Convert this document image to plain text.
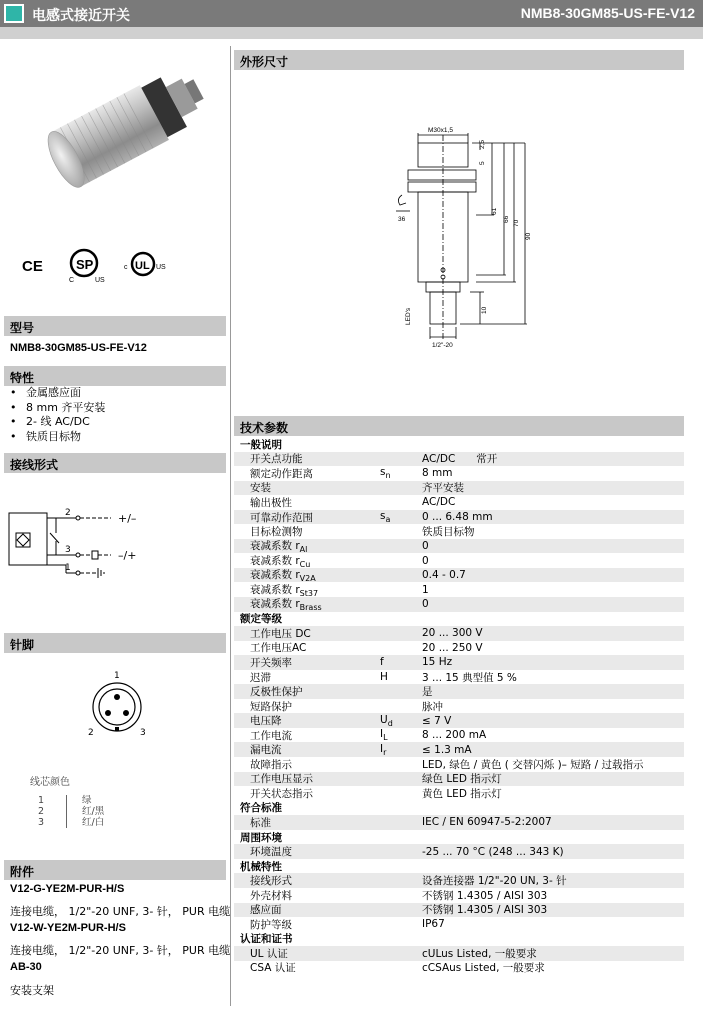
电感式接近开关	NMB8-30GM85-US-FE-V12
CE	SP
C	US
c UL US
型号
NMB8-30GM85-US-FE-V12
特性
• 金属感应面
• 8 mm 齐平安装
• 2- 线 AC/DC
• 铁质目标物
接线形式
2
3
1
+/–
–/+
针脚
1
2	3
线芯颜色
1	绿
2	红/黑
3	红/白
附件
V12-G-YE2M-PUR-H/S
连接电缆， 1/2"-20 UNF, 3- 针， PUR 电缆
V12-W-YE2M-PUR-H/S
连接电缆， 1/2"-20 UNF, 3- 针， PUR 电缆
AB-30
安装支架
外形尺寸
M30x1,5
2,5
5
61
66
70
90
36
10
LED's
1/2"-20
技术参数
一般说明
开关点功能	AC/DC　　常开
额定动作距离	$s_n$	8 mm
安装	齐平安装
输出极性	AC/DC
可靠动作范围	$s_a$	0 ... 6.48 mm
目标检测物	铁质目标物
衰减系数 $r_{Al}$	0
衰减系数 $r_{Cu}$	0
衰减系数 $r_{V2A}$	0.4 - 0.7
衰减系数 $r_{St37}$	1
衰减系数 $r_{Brass}$	0
额定等级
工作电压 DC	20 ... 300 V
工作电压AC	20 ... 250 V
开关频率	f	15 Hz
迟滞	H	3 ... 15 典型值 5 %
反极性保护	是
短路保护	脉冲
电压降	$U_d$	≤ 7 V
工作电流	$I_L$	8 ... 200 mA
漏电流	$I_r$	≤ 1.3 mA
故障指示	LED, 绿色 / 黄色 ( 交替闪烁 )– 短路 / 过载指示
工作电压显示	绿色 LED 指示灯
开关状态指示	黄色 LED 指示灯
符合标准
标准	IEC / EN 60947-5-2:2007
周围环境
环境温度	-25 ... 70 °C (248 ... 343 K)
机械特性
接线形式	设备连接器 1/2"-20 UN, 3- 针
外壳材料	不锈钢 1.4305 / AISI 303
感应面	不锈钢 1.4305 / AISI 303
防护等级	IP67
认证和证书
UL 认证	cULus Listed, 一般要求
CSA 认证	cCSAus Listed, 一般要求
